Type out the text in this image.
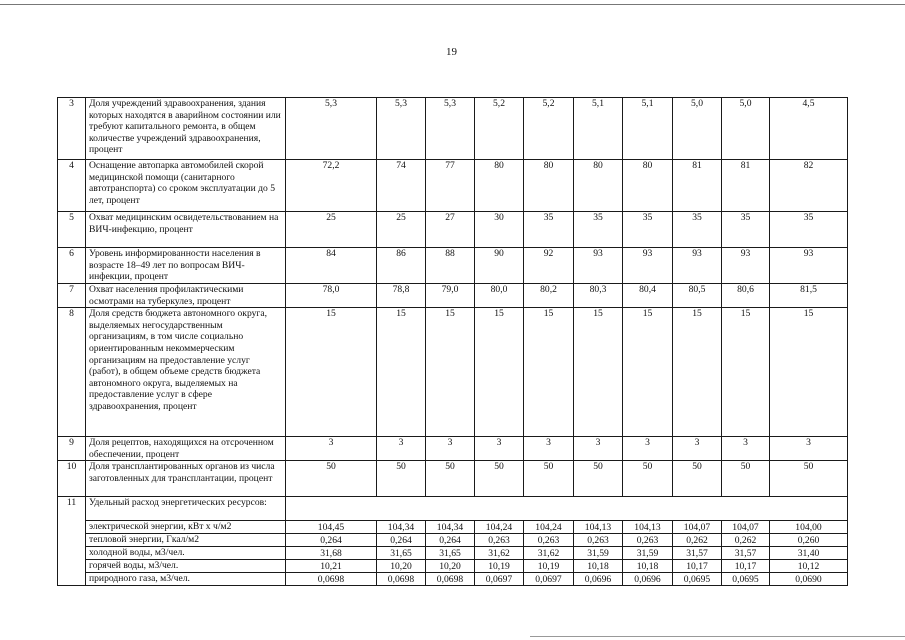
19
3	Доля учреждений здравоохранения, здания которых находятся в аварийном состоянии или требуют капитального ремонта, в общем количестве учреждений здравоохранения, процент	5,3	5,3	5,3	5,2	5,2	5,1	5,1	5,0	5,0	4,5
4	Оснащение автопарка автомобилей скорой медицинской помощи (санитарного автотранспорта) со сроком эксплуатации до 5 лет, процент	72,2	74	77	80	80	80	80	81	81	82
5	Охват медицинским освидетельствованием на ВИЧ-инфекцию, процент	25	25	27	30	35	35	35	35	35	35
6	Уровень информированности населения в возрасте 18–49 лет по вопросам ВИЧ-инфекции, процент	84	86	88	90	92	93	93	93	93	93
7	Охват населения профилактическими осмотрами на туберкулез, процент	78,0	78,8	79,0	80,0	80,2	80,3	80,4	80,5	80,6	81,5
8	Доля средств бюджета автономного округа, выделяемых негосударственным организациям, в том числе социально ориентированным некоммерческим организациям на предоставление услуг (работ), в общем объеме средств бюджета автономного округа, выделяемых на предоставление услуг в сфере здравоохранения, процент	15	15	15	15	15	15	15	15	15	15
9	Доля рецептов, находящихся на отсроченном обеспечении, процент	3	3	3	3	3	3	3	3	3	3
10	Доля трансплантированных органов из числа заготовленных для трансплантации, процент	50	50	50	50	50	50	50	50	50	50
11	Удельный расход энергетических ресурсов:										
	электрической энергии, кВт х ч/м2	104,45	104,34	104,34	104,24	104,24	104,13	104,13	104,07	104,07	104,00
	тепловой энергии, Гкал/м2	0,264	0,264	0,264	0,263	0,263	0,263	0,263	0,262	0,262	0,260
	холодной воды, м3/чел.	31,68	31,65	31,65	31,62	31,62	31,59	31,59	31,57	31,57	31,40
	горячей воды, м3/чел.	10,21	10,20	10,20	10,19	10,19	10,18	10,18	10,17	10,17	10,12
	природного газа, м3/чел.	0,0698	0,0698	0,0698	0,0697	0,0697	0,0696	0,0696	0,0695	0,0695	0,0690
